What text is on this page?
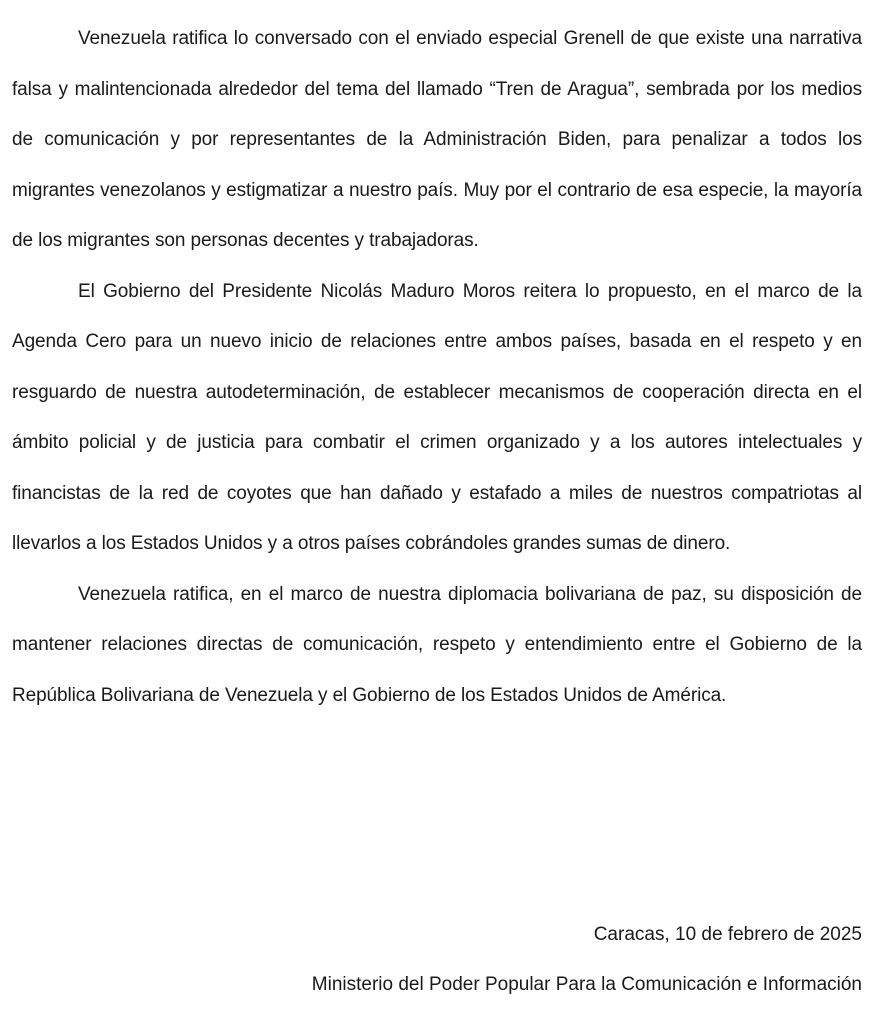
Venezuela ratifica lo conversado con el enviado especial Grenell de que existe una narrativa falsa y malintencionada alrededor del tema del llamado “Tren de Aragua”, sembrada por los medios de comunicación y por representantes de la Administración Biden, para penalizar a todos los migrantes venezolanos y estigmatizar a nuestro país. Muy por el contrario de esa especie, la mayoría de los migrantes son personas decentes y trabajadoras.

El Gobierno del Presidente Nicolás Maduro Moros reitera lo propuesto, en el marco de la Agenda Cero para un nuevo inicio de relaciones entre ambos países, basada en el respeto y en resguardo de nuestra autodeterminación, de establecer mecanismos de cooperación directa en el ámbito policial y de justicia para combatir el crimen organizado y a los autores intelectuales y financistas de la red de coyotes que han dañado y estafado a miles de nuestros compatriotas al llevarlos a los Estados Unidos y a otros países cobrándoles grandes sumas de dinero.

Venezuela ratifica, en el marco de nuestra diplomacia bolivariana de paz, su disposición de mantener relaciones directas de comunicación, respeto y entendimiento entre el Gobierno de la República Bolivariana de Venezuela y el Gobierno de los Estados Unidos de América.

Caracas, 10 de febrero de 2025

Ministerio del Poder Popular Para la Comunicación e Información
